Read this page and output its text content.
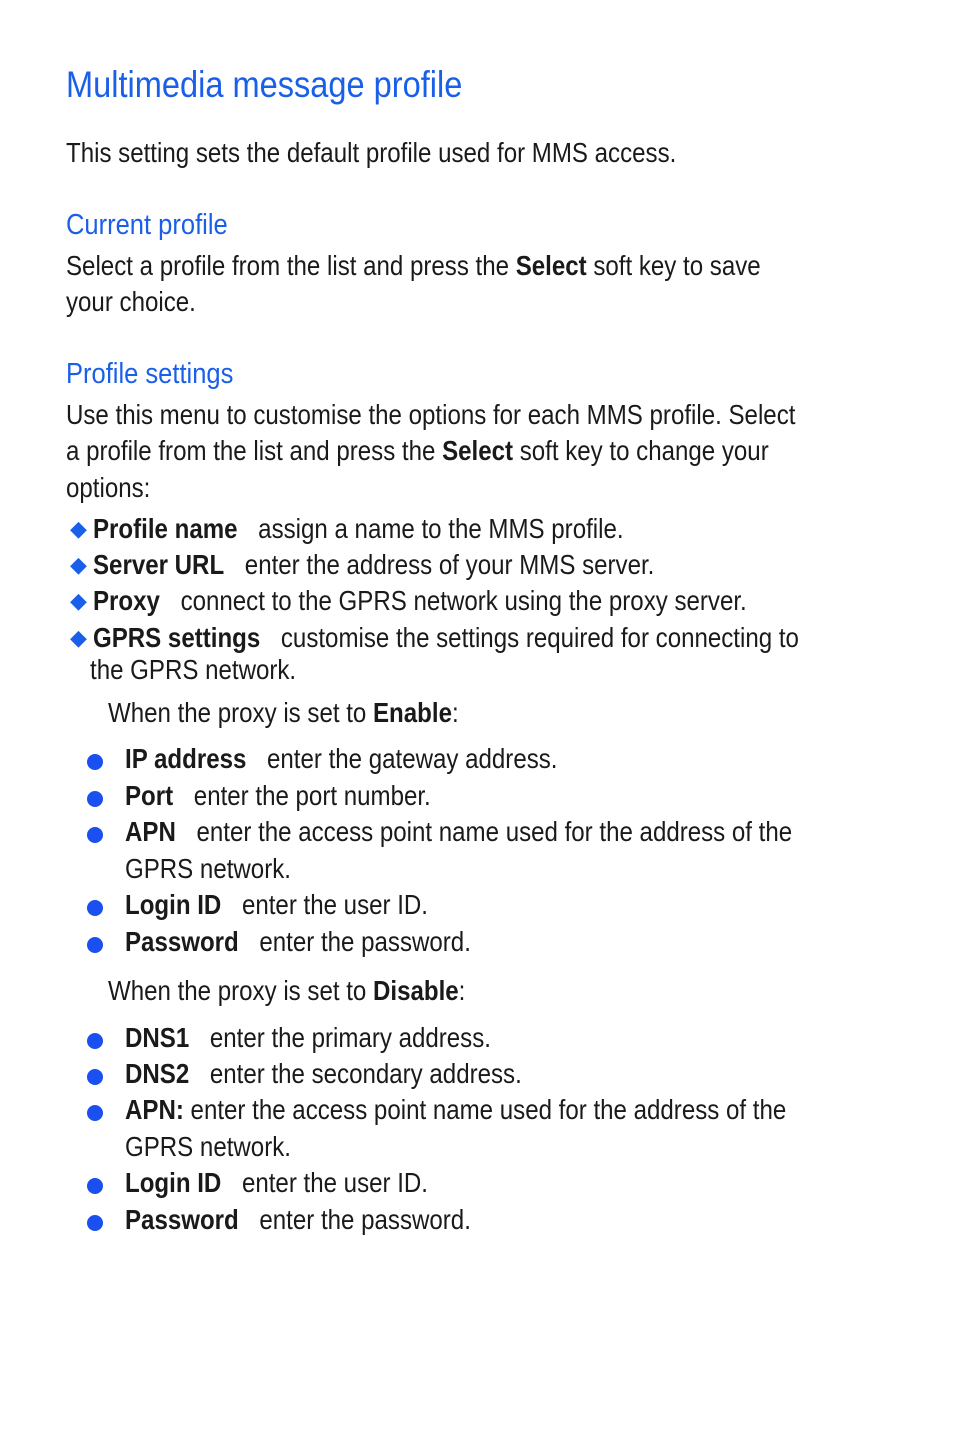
Multimedia message profile
This setting sets the default profile used for MMS access.
Current profile
Select a profile from the list and press the Select soft key to save
your choice.
Profile settings
Use this menu to customise the options for each MMS profile. Select
a profile from the list and press the Select soft key to change your
options:
◆ Profile name assign a name to the MMS profile.
◆ Server URL enter the address of your MMS server.
◆ Proxy connect to the GPRS network using the proxy server.
◆ GPRS settings customise the settings required for connecting to
the GPRS network.
When the proxy is set to Enable:
IP address enter the gateway address.
Port enter the port number.
APN enter the access point name used for the address of the
GPRS network.
Login ID enter the user ID.
Password enter the password.
When the proxy is set to Disable:
DNS1 enter the primary address.
DNS2 enter the secondary address.
APN: enter the access point name used for the address of the
GPRS network.
Login ID enter the user ID.
Password enter the password.
